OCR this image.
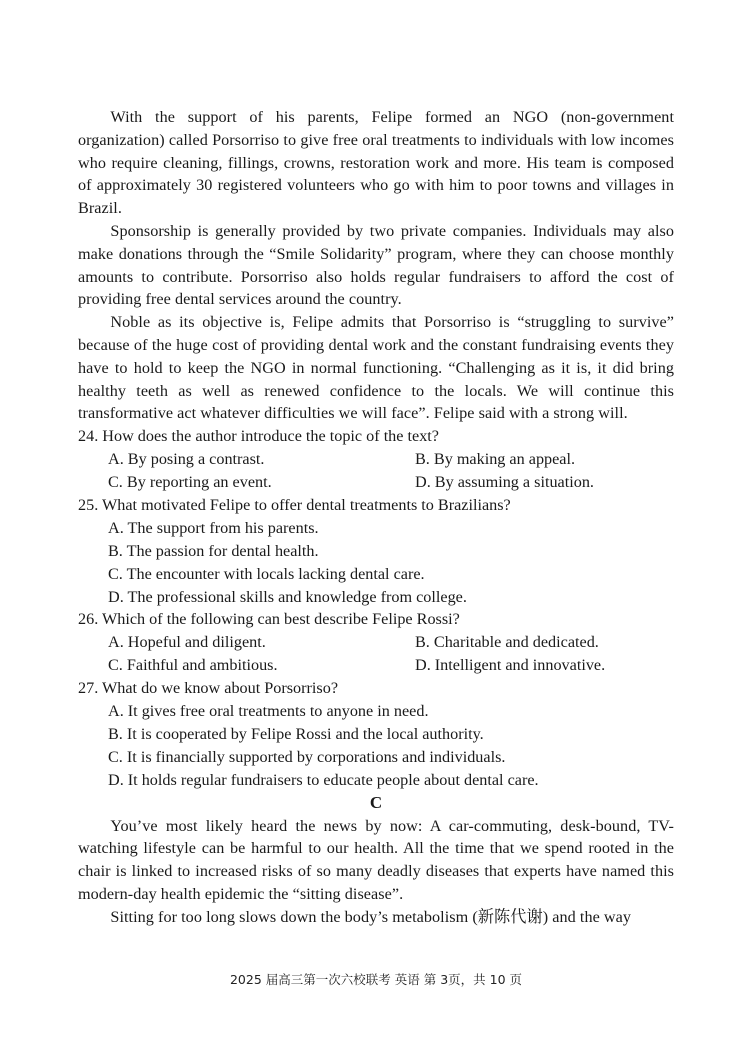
With the support of his parents, Felipe formed an NGO (non-government organization) called Porsorriso to give free oral treatments to individuals with low incomes who require cleaning, fillings, crowns, restoration work and more. His team is composed of approximately 30 registered volunteers who go with him to poor towns and villages in Brazil.

Sponsorship is generally provided by two private companies. Individuals may also make donations through the “Smile Solidarity” program, where they can choose monthly amounts to contribute. Porsorriso also holds regular fundraisers to afford the cost of providing free dental services around the country.

Noble as its objective is, Felipe admits that Porsorriso is “struggling to survive” because of the huge cost of providing dental work and the constant fundraising events they have to hold to keep the NGO in normal functioning. “Challenging as it is, it did bring healthy teeth as well as renewed confidence to the locals. We will continue this transformative act whatever difficulties we will face”. Felipe said with a strong will.

24. How does the author introduce the topic of the text?
A. By posing a contrast.	B. By making an appeal.
C. By reporting an event.	D. By assuming a situation.
25. What motivated Felipe to offer dental treatments to Brazilians?
A. The support from his parents.
B. The passion for dental health.
C. The encounter with locals lacking dental care.
D. The professional skills and knowledge from college.
26. Which of the following can best describe Felipe Rossi?
A. Hopeful and diligent.	B. Charitable and dedicated.
C. Faithful and ambitious.	D. Intelligent and innovative.
27. What do we know about Porsorriso?
A. It gives free oral treatments to anyone in need.
B. It is cooperated by Felipe Rossi and the local authority.
C. It is financially supported by corporations and individuals.
D. It holds regular fundraisers to educate people about dental care.
C

You’ve most likely heard the news by now: A car-commuting, desk-bound, TV-watching lifestyle can be harmful to our health. All the time that we spend rooted in the chair is linked to increased risks of so many deadly diseases that experts have named this modern-day health epidemic the “sitting disease”.

Sitting for too long slows down the body’s metabolism (新陈代谢) and the way

2025 届高三第一次六校联考 英语 第 3页，共 10 页
